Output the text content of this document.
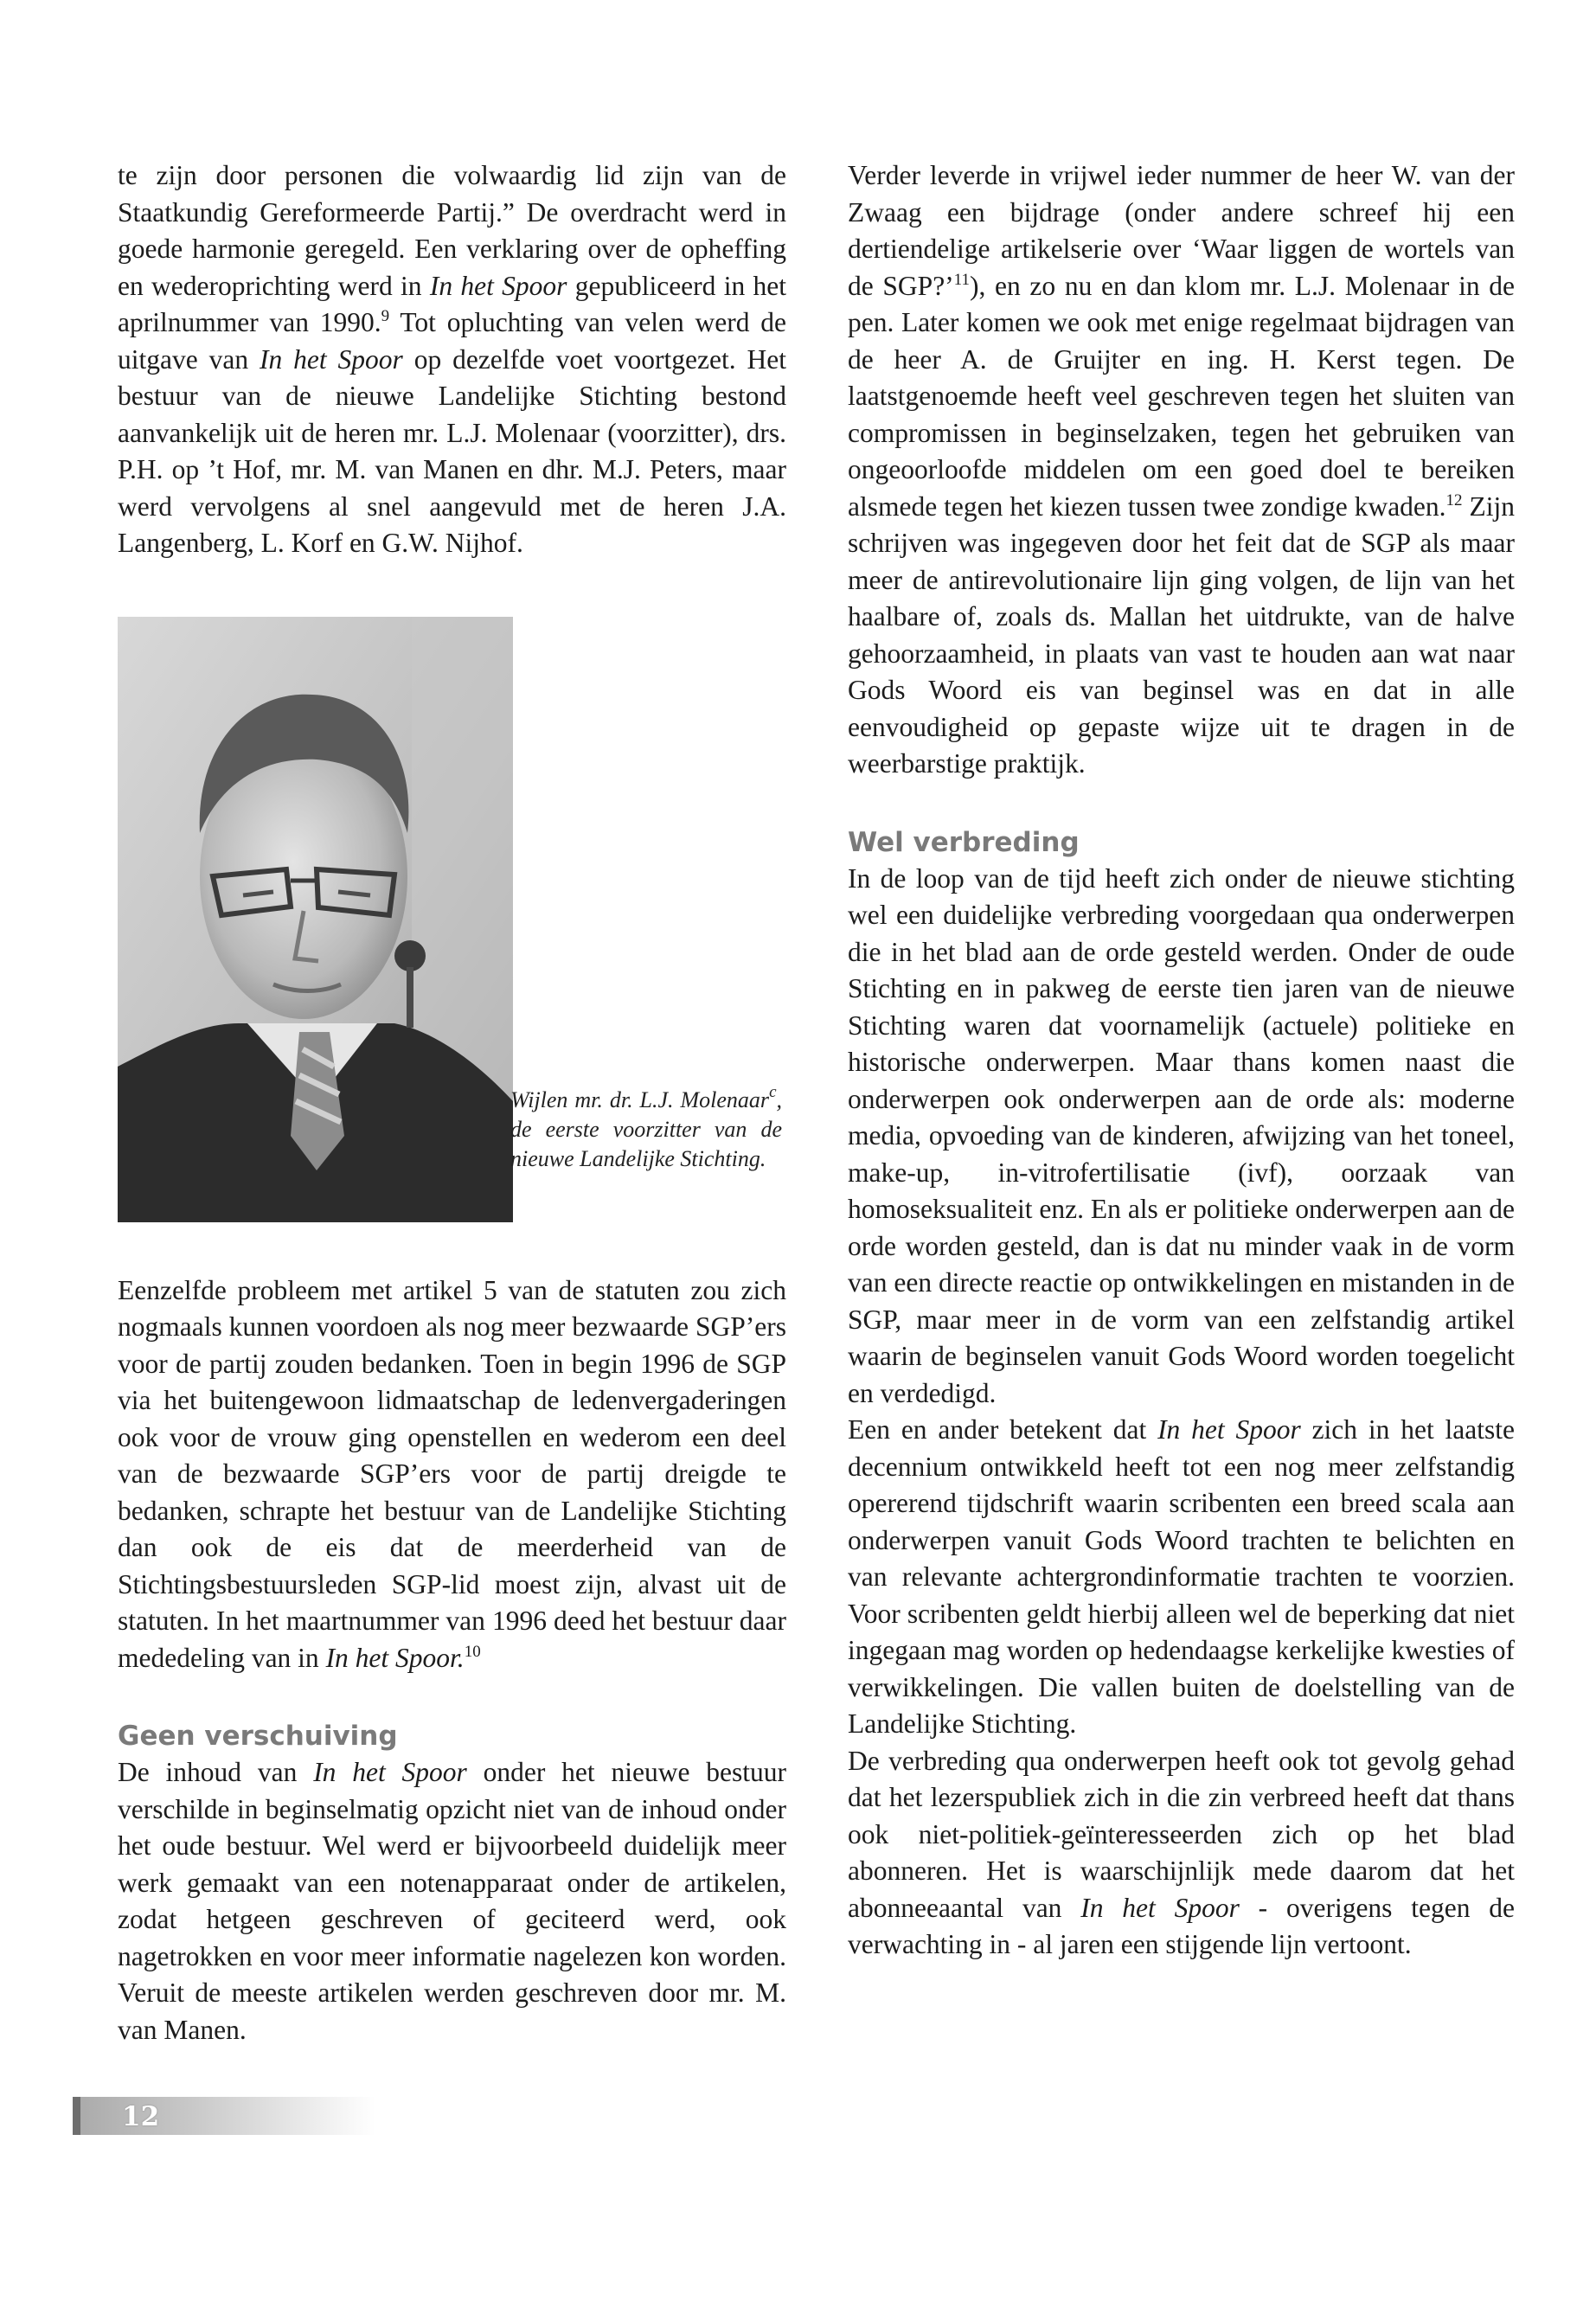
te zijn door personen die volwaardig lid zijn van de Staatkundig Gereformeerde Partij.” De overdracht werd in goede harmonie geregeld. Een verklaring over de opheffing en wederoprichting werd in In het Spoor gepubliceerd in het aprilnummer van 1990.$^9$ Tot opluchting van velen werd de uitgave van In het Spoor op dezelfde voet voortgezet. Het bestuur van de nieuwe Landelijke Stichting bestond aanvankelijk uit de heren mr. L.J. Molenaar (voorzitter), drs. P.H. op ’t Hof, mr. M. van Manen en dhr. M.J. Peters, maar werd vervolgens al snel aangevuld met de heren J.A. Langenberg, L. Korf en G.W. Nijhof.

Wijlen mr. dr. L.J. Molenaar$^c$, de eerste voorzitter van de nieuwe Landelijke Stichting.

Eenzelfde probleem met artikel 5 van de statuten zou zich nogmaals kunnen voordoen als nog meer bezwaarde SGP’ers voor de partij zouden bedanken. Toen in begin 1996 de SGP via het buitengewoon lidmaatschap de ledenvergaderingen ook voor de vrouw ging openstellen en wederom een deel van de bezwaarde SGP’ers voor de partij dreigde te bedanken, schrapte het bestuur van de Landelijke Stichting dan ook de eis dat de meerderheid van de Stichtingsbestuursleden SGP-lid moest zijn, alvast uit de statuten. In het maartnummer van 1996 deed het bestuur daar mededeling van in In het Spoor.$^{10}$

Geen verschuiving

De inhoud van In het Spoor onder het nieuwe bestuur verschilde in beginselmatig opzicht niet van de inhoud onder het oude bestuur. Wel werd er bijvoorbeeld duidelijk meer werk gemaakt van een notenapparaat onder de artikelen, zodat hetgeen geschreven of geciteerd werd, ook nagetrokken en voor meer informatie nagelezen kon worden. Veruit de meeste artikelen werden geschreven door mr. M. van Manen.

Verder leverde in vrijwel ieder nummer de heer W. van der Zwaag een bijdrage (onder andere schreef hij een dertiendelige artikelserie over ‘Waar liggen de wortels van de SGP?’$^{11}$), en zo nu en dan klom mr. L.J. Molenaar in de pen. Later komen we ook met enige regelmaat bijdragen van de heer A. de Gruijter en ing. H. Kerst tegen. De laatstgenoemde heeft veel geschreven tegen het sluiten van compromissen in beginselzaken, tegen het gebruiken van ongeoorloofde middelen om een goed doel te bereiken alsmede tegen het kiezen tussen twee zondige kwaden.$^{12}$ Zijn schrijven was ingegeven door het feit dat de SGP als maar meer de antirevolutionaire lijn ging volgen, de lijn van het haalbare of, zoals ds. Mallan het uitdrukte, van de halve gehoorzaamheid, in plaats van vast te houden aan wat naar Gods Woord eis van beginsel was en dat in alle eenvoudigheid op gepaste wijze uit te dragen in de weerbarstige praktijk.

Wel verbreding

In de loop van de tijd heeft zich onder de nieuwe stichting wel een duidelijke verbreding voorgedaan qua onderwerpen die in het blad aan de orde gesteld werden. Onder de oude Stichting en in pakweg de eerste tien jaren van de nieuwe Stichting waren dat voornamelijk (actuele) politieke en historische onderwerpen. Maar thans komen naast die onderwerpen ook onderwerpen aan de orde als: moderne media, opvoeding van de kinderen, afwijzing van het toneel, make-up, in-vitrofertilisatie (ivf), oorzaak van homoseksualiteit enz. En als er politieke onderwerpen aan de orde worden gesteld, dan is dat nu minder vaak in de vorm van een directe reactie op ontwikkelingen en mistanden in de SGP, maar meer in de vorm van een zelfstandig artikel waarin de beginselen vanuit Gods Woord worden toegelicht en verdedigd.

Een en ander betekent dat In het Spoor zich in het laatste decennium ontwikkeld heeft tot een nog meer zelfstandig opererend tijdschrift waarin scribenten een breed scala aan onderwerpen vanuit Gods Woord trachten te belichten en van relevante achtergrondinformatie trachten te voorzien. Voor scribenten geldt hierbij alleen wel de beperking dat niet ingegaan mag worden op hedendaagse kerkelijke kwesties of verwikkelingen. Die vallen buiten de doelstelling van de Landelijke Stichting.

De verbreding qua onderwerpen heeft ook tot gevolg gehad dat het lezerspubliek zich in die zin verbreed heeft dat thans ook niet-politiek-geïnteresseerden zich op het blad abonneren. Het is waarschijnlijk mede daarom dat het abonneeaantal van In het Spoor - overigens tegen de verwachting in - al jaren een stijgende lijn vertoont.

12
